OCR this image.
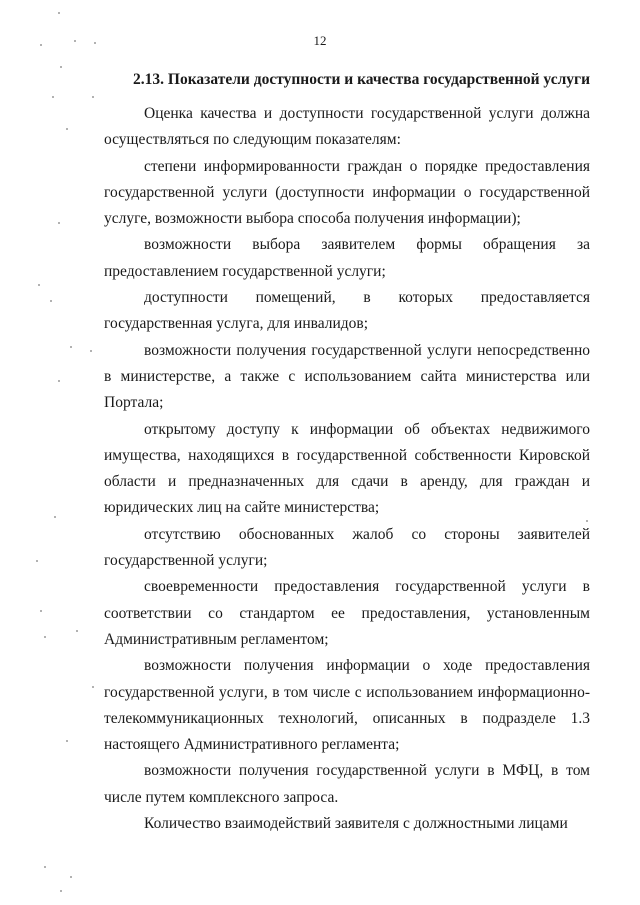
12
2.13. Показатели доступности и качества государственной услуги

Оценка качества и доступности государственной услуги должна осуществляться по следующим показателям:

степени информированности граждан о порядке предоставления государственной услуги (доступности информации о государственной услуге, возможности выбора способа получения информации);

возможности выбора заявителем формы обращения за предоставлением государственной услуги;

доступности помещений, в которых предоставляется государственная услуга, для инвалидов;

возможности получения государственной услуги непосредственно в министерстве, а также с использованием сайта министерства или Портала;

открытому доступу к информации об объектах недвижимого имущества, находящихся в государственной собственности Кировской области и предназначенных для сдачи в аренду, для граждан и юридических лиц на сайте министерства;

отсутствию обоснованных жалоб со стороны заявителей государственной услуги;

своевременности предоставления государственной услуги в соответствии со стандартом ее предоставления, установленным Административным регламентом;

возможности получения информации о ходе предоставления государственной услуги, в том числе с использованием информационно-телекоммуникационных технологий, описанных в подразделе 1.3 настоящего Административного регламента;

возможности получения государственной услуги в МФЦ, в том числе путем комплексного запроса.

Количество взаимодействий заявителя с должностными лицами
